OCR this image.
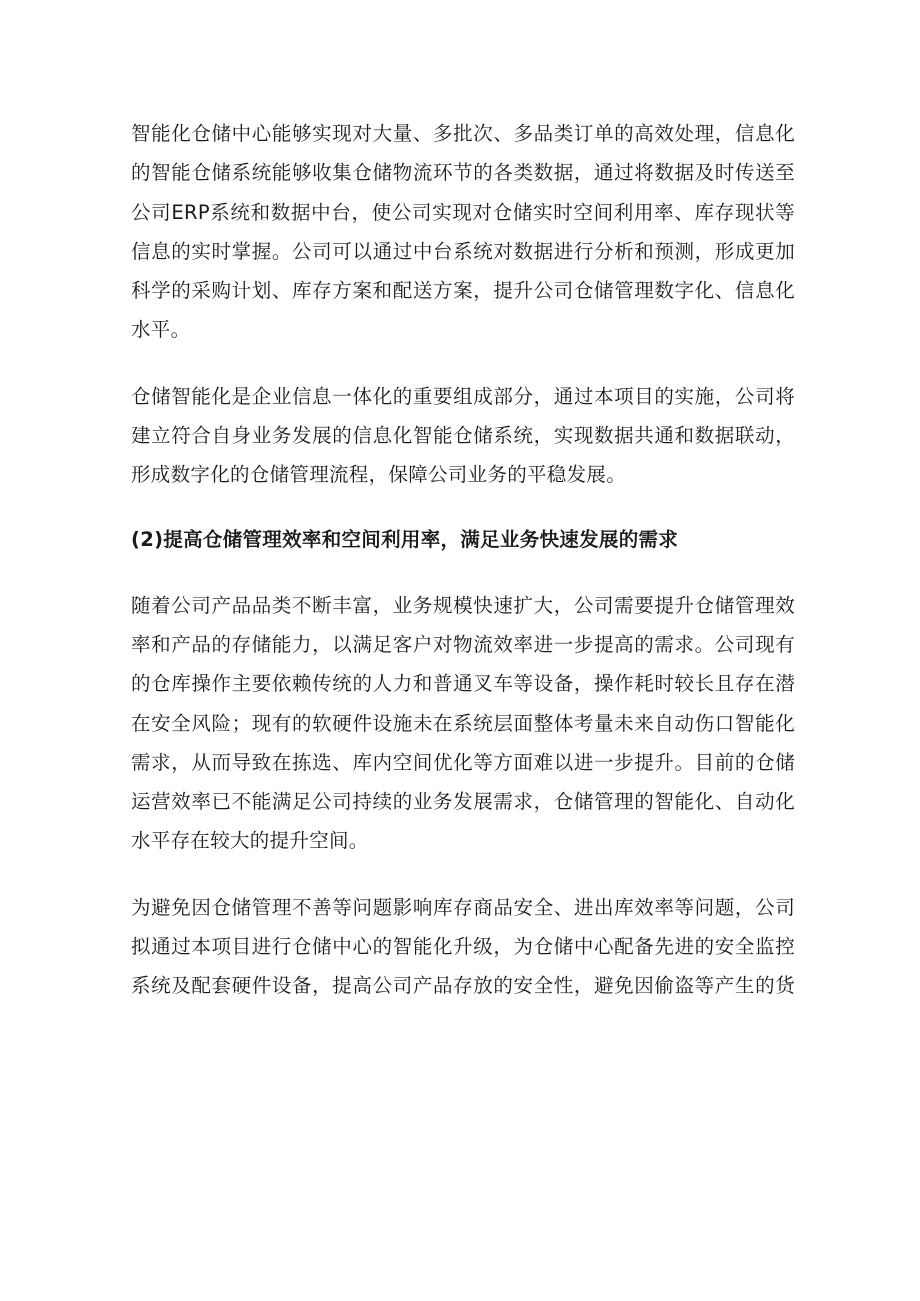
智能化仓储中心能够实现对大量、多批次、多品类订单的高效处理，信息化
的智能仓储系统能够收集仓储物流环节的各类数据，通过将数据及时传送至
公司ERP系统和数据中台，使公司实现对仓储实时空间利用率、库存现状等
信息的实时掌握。公司可以通过中台系统对数据进行分析和预测，形成更加
科学的采购计划、库存方案和配送方案，提升公司仓储管理数字化、信息化
水平。

仓储智能化是企业信息一体化的重要组成部分，通过本项目的实施，公司将
建立符合自身业务发展的信息化智能仓储系统，实现数据共通和数据联动，
形成数字化的仓储管理流程，保障公司业务的平稳发展。

(2)提高仓储管理效率和空间利用率，满足业务快速发展的需求

随着公司产品品类不断丰富，业务规模快速扩大，公司需要提升仓储管理效
率和产品的存储能力，以满足客户对物流效率进一步提高的需求。公司现有
的仓库操作主要依赖传统的人力和普通叉车等设备，操作耗时较长且存在潜
在安全风险；现有的软硬件设施未在系统层面整体考量未来自动伤口智能化
需求，从而导致在拣选、库内空间优化等方面难以进一步提升。目前的仓储
运营效率已不能满足公司持续的业务发展需求，仓储管理的智能化、自动化
水平存在较大的提升空间。

为避免因仓储管理不善等问题影响库存商品安全、进出库效率等问题，公司
拟通过本项目进行仓储中心的智能化升级，为仓储中心配备先进的安全监控
系统及配套硬件设备，提高公司产品存放的安全性，避免因偷盗等产生的货
